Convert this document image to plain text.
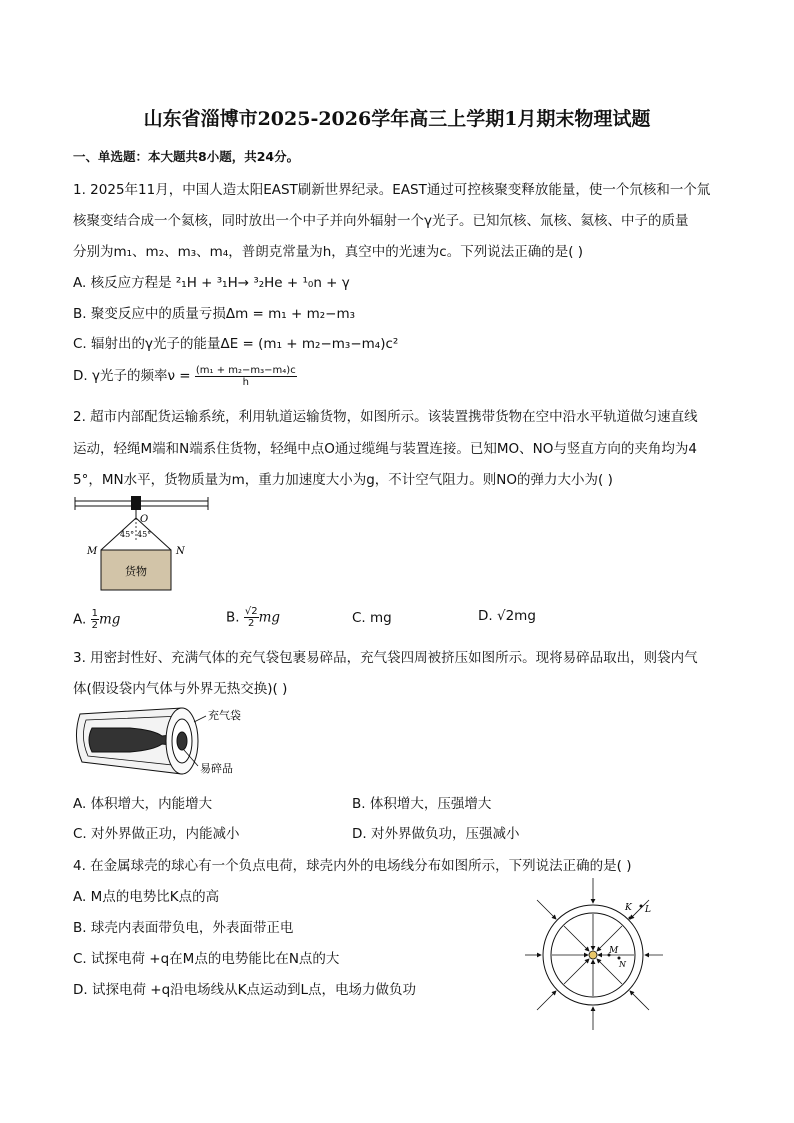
山东省淄博市2025-2026学年高三上学期1月期末物理试题
一、单选题：本大题共8小题，共24分。
1. 2025年11月，中国人造太阳EAST刷新世界纪录。EAST通过可控核聚变释放能量，使一个氘核和一个氚
核聚变结合成一个氦核，同时放出一个中子并向外辐射一个γ光子。已知氘核、氚核、氦核、中子的质量
分别为m₁、m₂、m₃、m₄，普朗克常量为h，真空中的光速为c。下列说法正确的是( )
A. 核反应方程是 ²₁H + ³₁H→ ³₂He + ¹₀n + γ
B. 聚变反应中的质量亏损Δm = m₁ + m₂−m₃
C. 辐射出的γ光子的能量ΔE = (m₁ + m₂−m₃−m₄)c²
D. γ光子的频率$\nu = \frac{\text{(m₁ + m₂−m₃−m₄)c}}{h}$
2. 超市内部配货运输系统，利用轨道运输货物，如图所示。该装置携带货物在空中沿水平轨道做匀速直线
运动，轻绳M端和N端系住货物，轻绳中点O通过缆绳与装置连接。已知MO、NO与竖直方向的夹角均为4
5°，MN水平，货物质量为m，重力加速度大小为g，不计空气阻力。则NO的弹力大小为( )
O
45° 45°
M	N
货物
A. $\frac{1}{2}$ mg	B. $\frac{√2}{2}$ mg	C. mg	D. √2mg
3. 用密封性好、充满气体的充气袋包裹易碎品，充气袋四周被挤压如图所示。现将易碎品取出，则袋内气
体(假设袋内气体与外界无热交换)( )
充气袋
易碎品
A. 体积增大，内能增大	B. 体积增大，压强增大
C. 对外界做正功，内能减小	D. 对外界做负功，压强减小
4. 在金属球壳的球心有一个负点电荷，球壳内外的电场线分布如图所示，下列说法正确的是( )
A. M点的电势比K点的高
B. 球壳内表面带负电，外表面带正电
C. 试探电荷 +q在M点的电势能比在N点的大
D. 试探电荷 +q沿电场线从K点运动到L点，电场力做负功
M
N
K L
